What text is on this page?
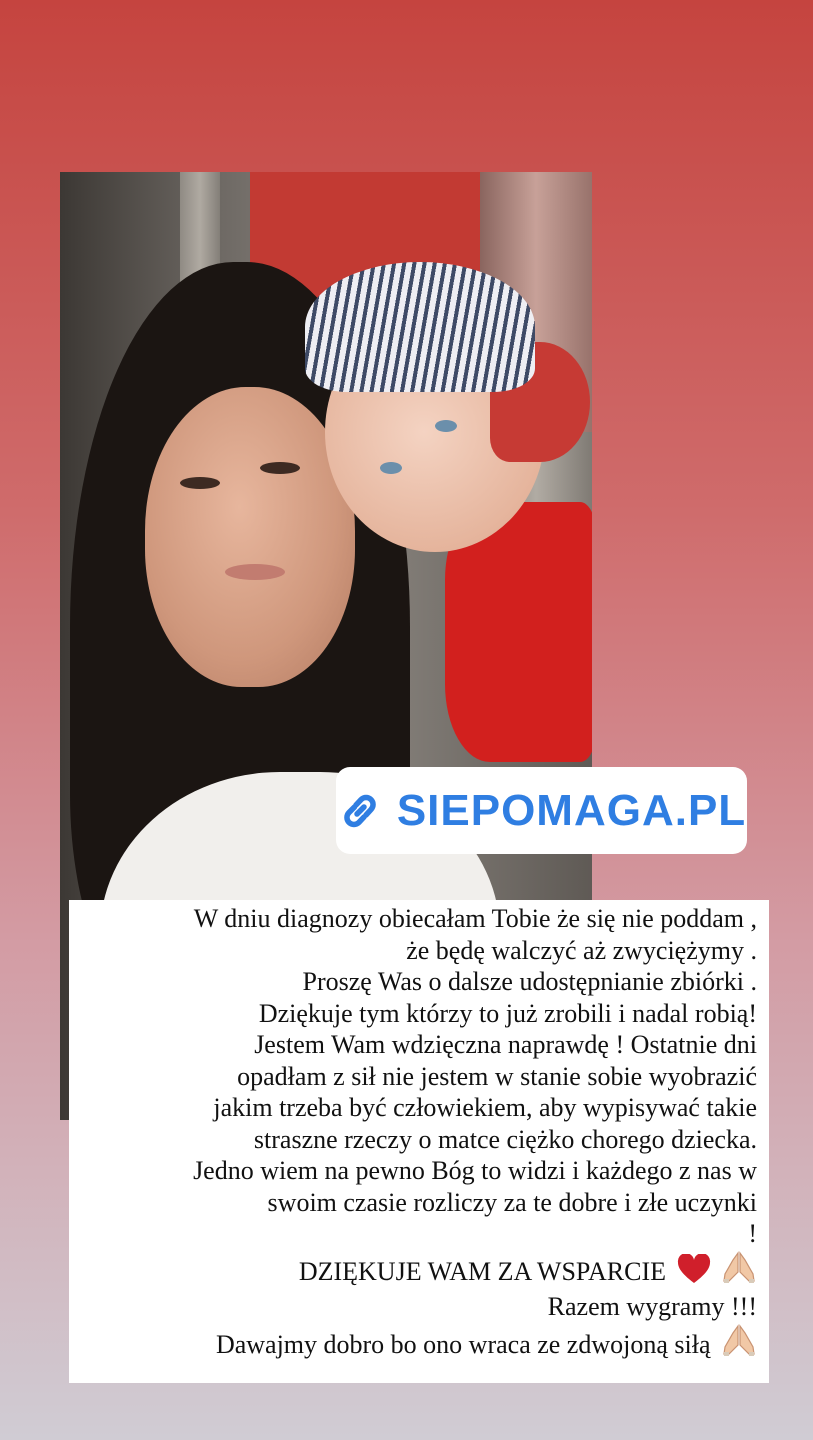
SIEPOMAGA.PL
W dniu diagnozy obiecałam Tobie że się nie poddam ,
że będę walczyć aż zwyciężymy .
Proszę Was o dalsze udostępnianie zbiórki .
Dziękuje tym którzy to już zrobili i nadal robią!
Jestem Wam wdzięczna naprawdę ! Ostatnie dni
opadłam z sił nie jestem w stanie sobie wyobrazić
jakim trzeba być człowiekiem, aby wypisywać takie
straszne rzeczy o matce ciężko chorego dziecka.
Jedno wiem na pewno Bóg to widzi i każdego z nas w
swoim czasie rozliczy za te dobre i złe uczynki
!
DZIĘKUJE WAM ZA WSPARCIE
Razem wygramy !!!
Dawajmy dobro bo ono wraca ze zdwojoną siłą
